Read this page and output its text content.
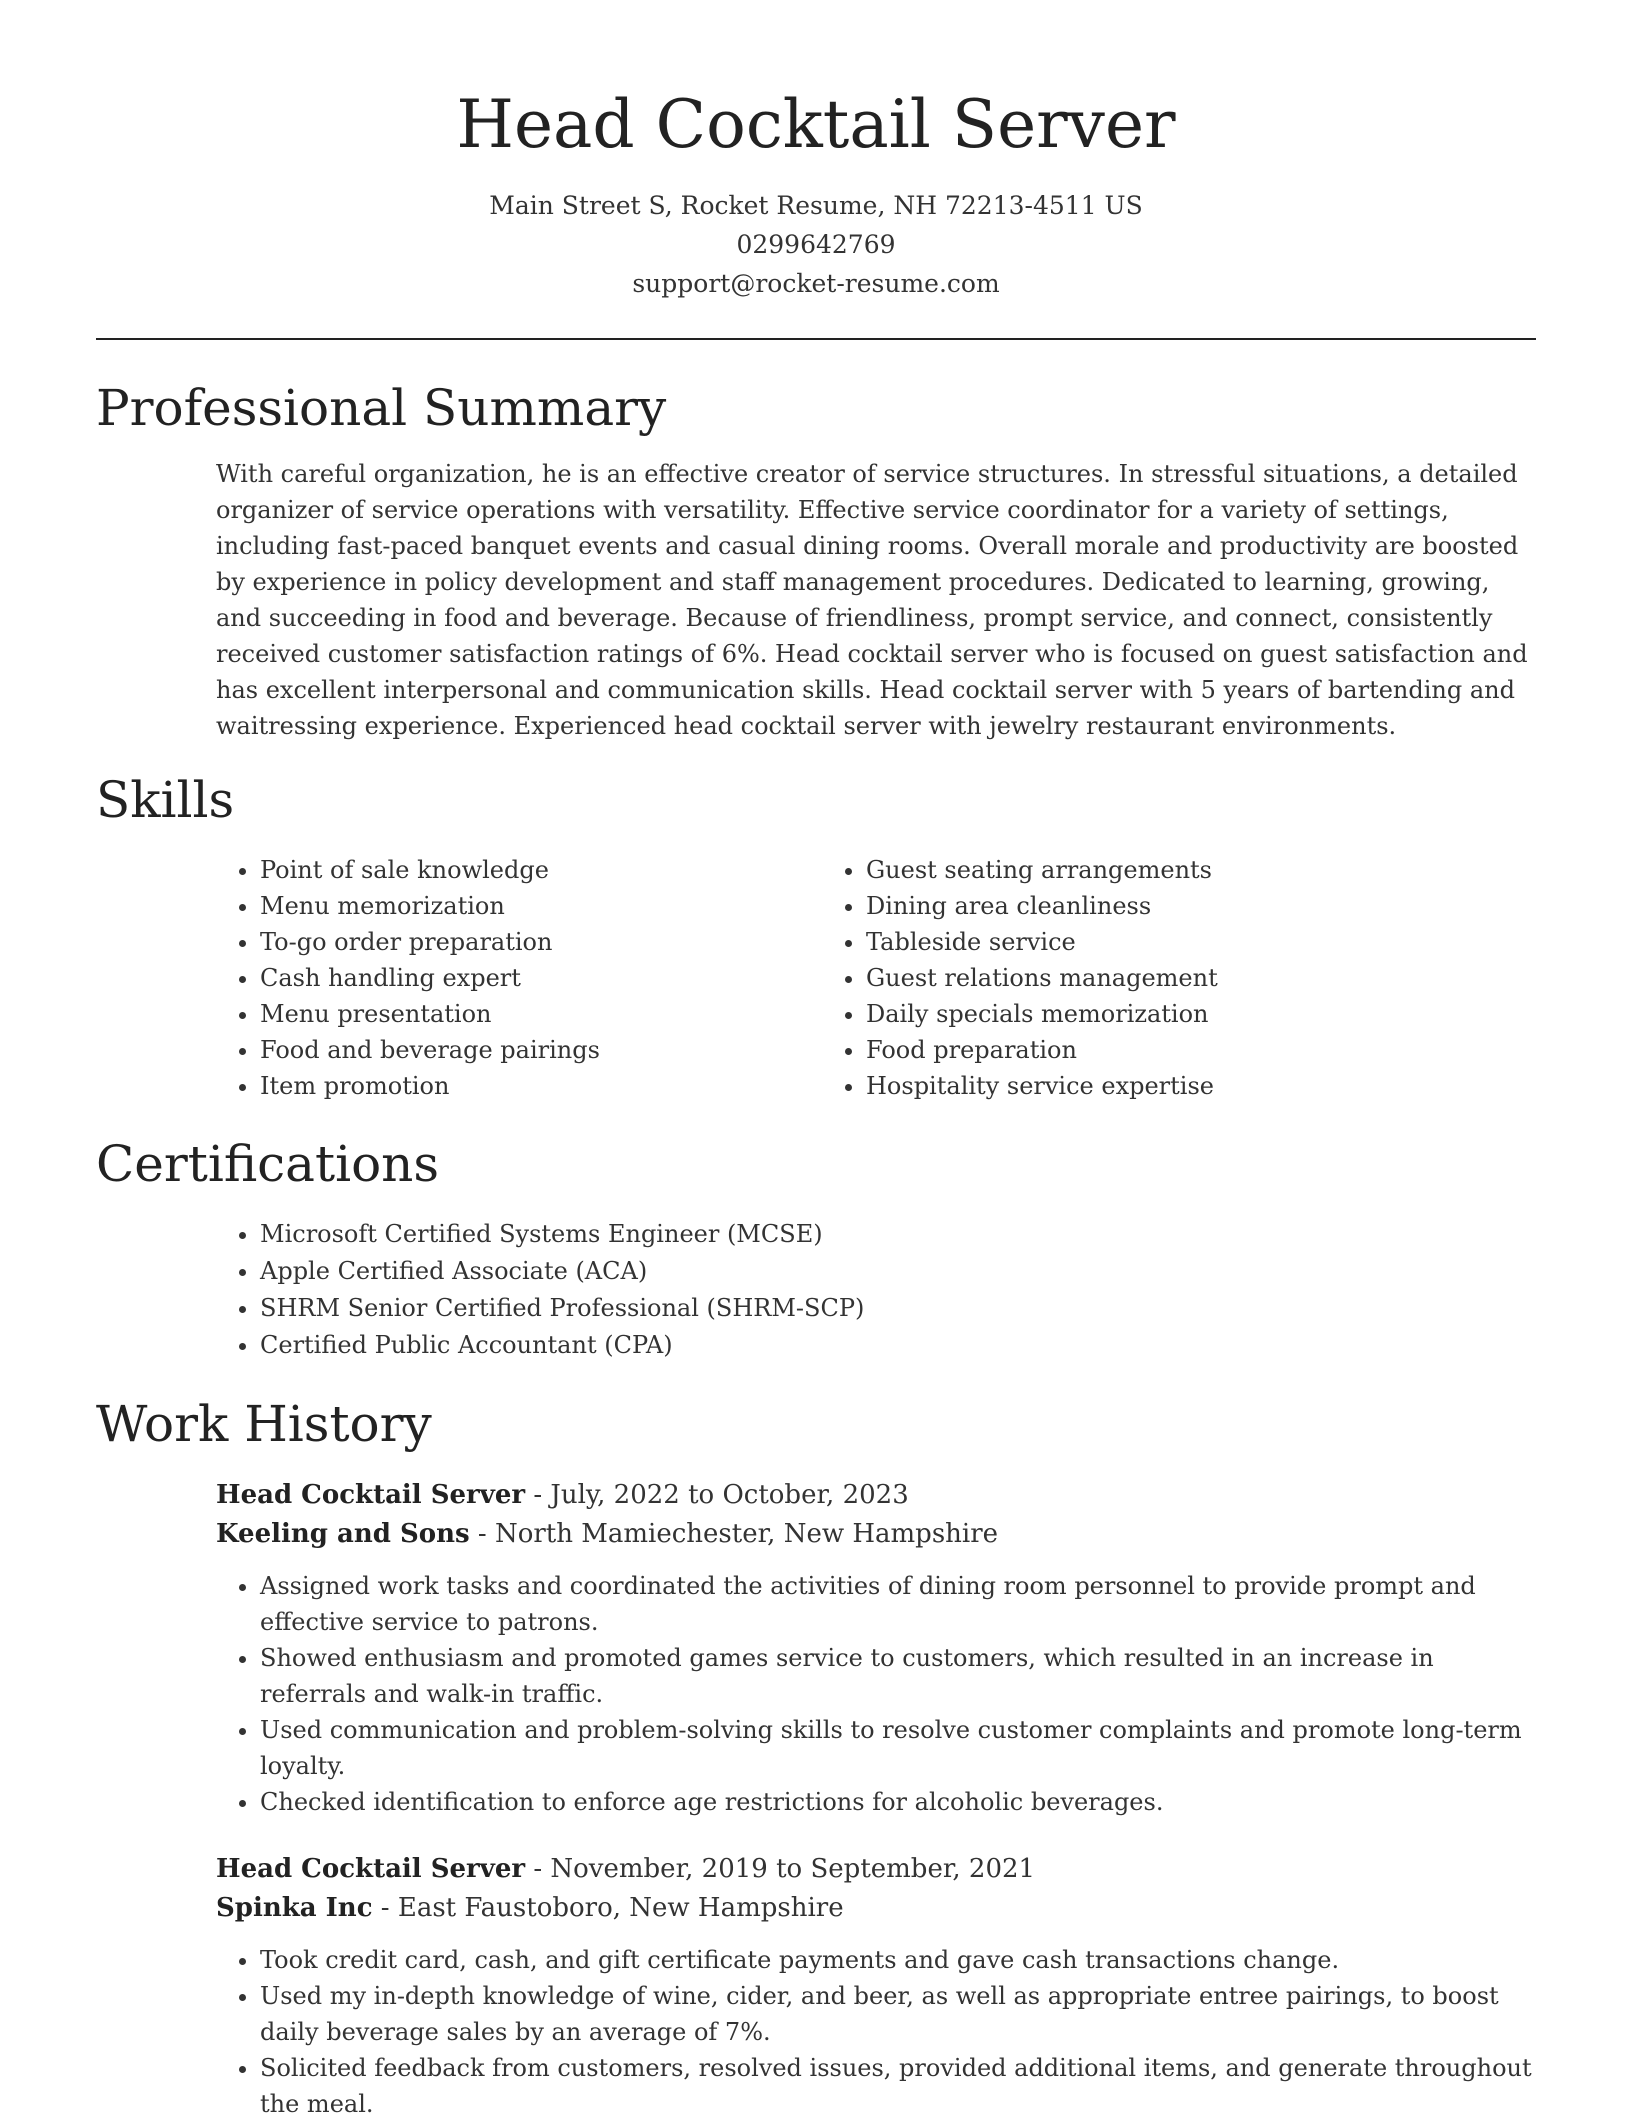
Head Cocktail Server
Main Street S, Rocket Resume, NH 72213-4511 US
0299642769
support@rocket-resume.com
Professional Summary

With careful organization, he is an effective creator of service structures. In stressful situations, a detailed organizer of service operations with versatility. Effective service coordinator for a variety of settings, including fast-paced banquet events and casual dining rooms. Overall morale and productivity are boosted by experience in policy development and staff management procedures. Dedicated to learning, growing, and succeeding in food and beverage. Because of friendliness, prompt service, and connect, consistently received customer satisfaction ratings of 6%. Head cocktail server who is focused on guest satisfaction and has excellent interpersonal and communication skills. Head cocktail server with 5 years of bartending and waitressing experience. Experienced head cocktail server with jewelry restaurant environments.

Skills
• Point of sale knowledge
• Menu memorization
• To-go order preparation
• Cash handling expert
• Menu presentation
• Food and beverage pairings
• Item promotion
• Guest seating arrangements
• Dining area cleanliness
• Tableside service
• Guest relations management
• Daily specials memorization
• Food preparation
• Hospitality service expertise
Certifications
• Microsoft Certified Systems Engineer (MCSE)
• Apple Certified Associate (ACA)
• SHRM Senior Certified Professional (SHRM-SCP)
• Certified Public Accountant (CPA)
Work History
Head Cocktail Server - July, 2022 to October, 2023
Keeling and Sons - North Mamiechester, New Hampshire
• Assigned work tasks and coordinated the activities of dining room personnel to provide prompt and effective service to patrons.
• Showed enthusiasm and promoted games service to customers, which resulted in an increase in referrals and walk-in traffic.
• Used communication and problem-solving skills to resolve customer complaints and promote long-term loyalty.
• Checked identification to enforce age restrictions for alcoholic beverages.
Head Cocktail Server - November, 2019 to September, 2021
Spinka Inc - East Faustoboro, New Hampshire
• Took credit card, cash, and gift certificate payments and gave cash transactions change.
• Used my in-depth knowledge of wine, cider, and beer, as well as appropriate entree pairings, to boost daily beverage sales by an average of 7%.
• Solicited feedback from customers, resolved issues, provided additional items, and generate throughout the meal.
